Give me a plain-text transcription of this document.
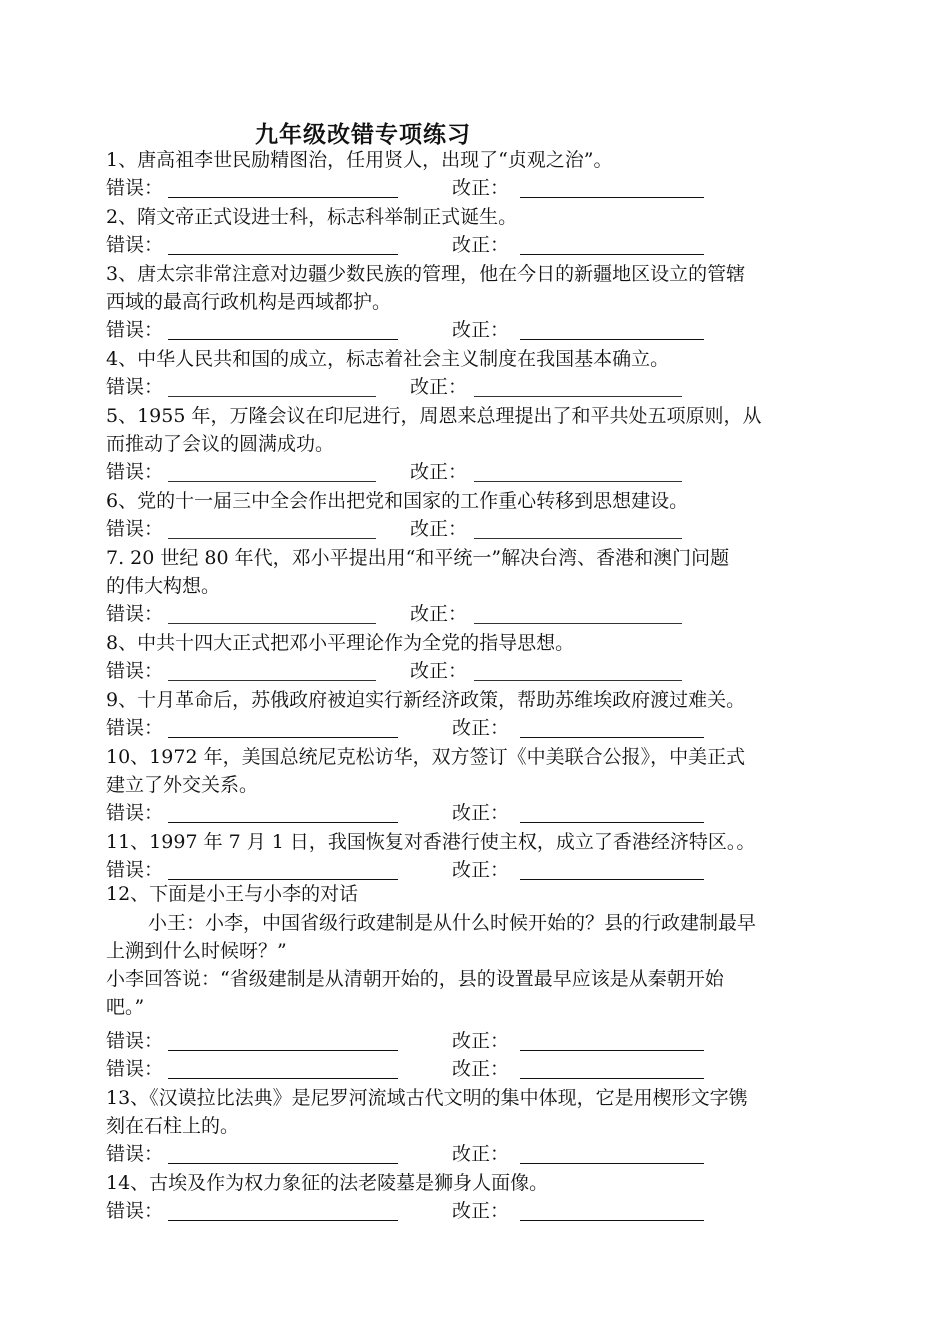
九年级改错专项练习
1、唐高祖李世民励精图治，任用贤人，出现了“贞观之治”。
错误：	改正：
2、隋文帝正式设进士科，标志科举制正式诞生。
错误：	改正：
3、唐太宗非常注意对边疆少数民族的管理，他在今日的新疆地区设立的管辖
西域的最高行政机构是西域都护。
错误：	改正：
4、中华人民共和国的成立，标志着社会主义制度在我国基本确立。
错误：	改正：
5、1955 年，万隆会议在印尼进行，周恩来总理提出了和平共处五项原则，从
而推动了会议的圆满成功。
错误：	改正：
6、党的十一届三中全会作出把党和国家的工作重心转移到思想建设。
错误：	改正：
7. 20 世纪 80 年代，邓小平提出用“和平统一”解决台湾、香港和澳门问题
的伟大构想。
错误：	改正：
8、中共十四大正式把邓小平理论作为全党的指导思想。
错误：	改正：
9、十月革命后，苏俄政府被迫实行新经济政策，帮助苏维埃政府渡过难关。
错误：	改正：
10、1972 年，美国总统尼克松访华，双方签订《中美联合公报》，中美正式
建立了外交关系。
错误：	改正：
11、1997 年 7 月 1 日，我国恢复对香港行使主权，成立了香港经济特区。。
错误：	改正：
12、下面是小王与小李的对话
小王：小李，中国省级行政建制是从什么时候开始的？县的行政建制最早
上溯到什么时候呀？”
小李回答说：“省级建制是从清朝开始的，县的设置最早应该是从秦朝开始
吧。”
错误：	改正：
错误：	改正：
13、《汉谟拉比法典》是尼罗河流域古代文明的集中体现，它是用楔形文字镌
刻在石柱上的。
错误：	改正：
14、古埃及作为权力象征的法老陵墓是狮身人面像。
错误：	改正：
